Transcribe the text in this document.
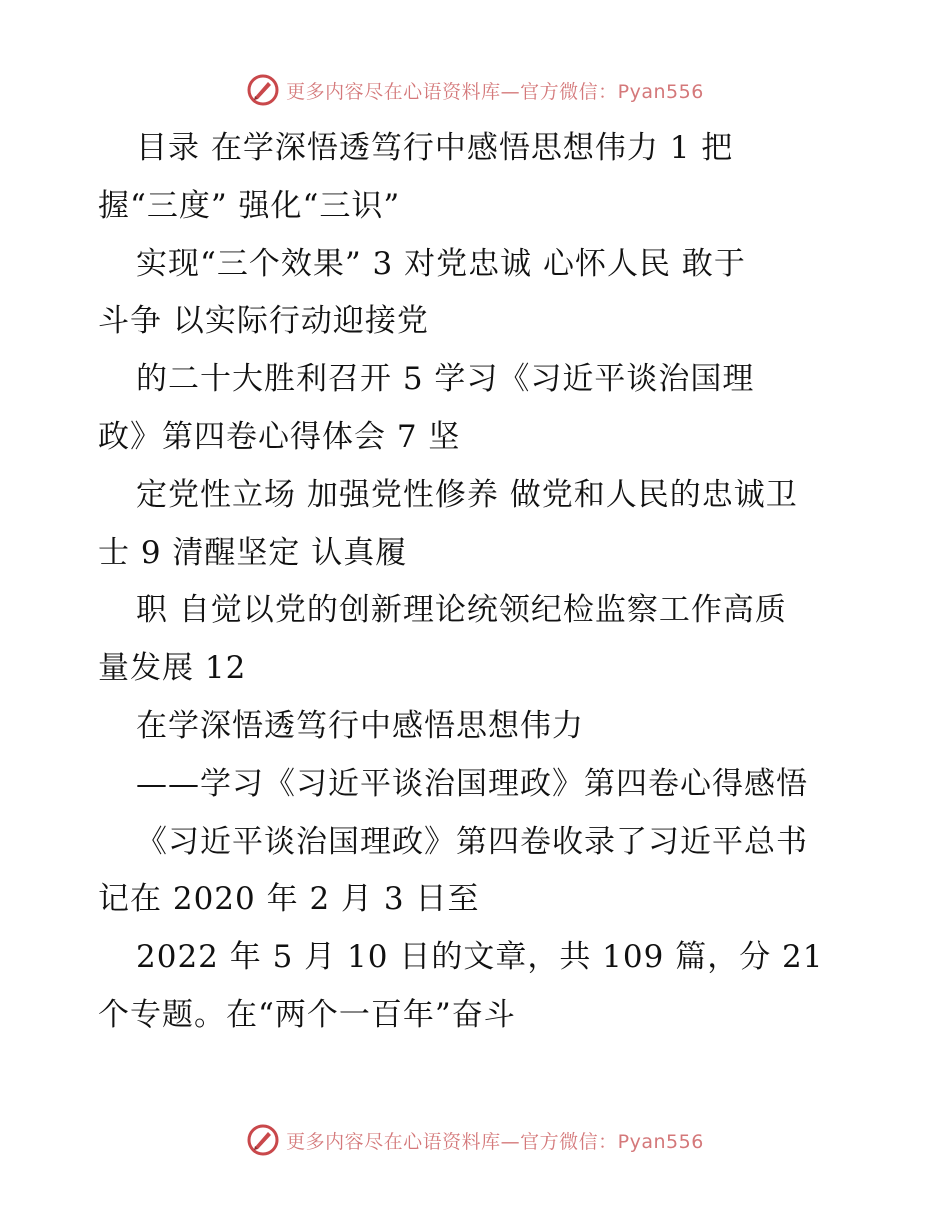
更多内容尽在心语资料库—官方微信：Pyan556
目录 在学深悟透笃行中感悟思想伟力 1 把
握“三度” 强化“三识”
实现“三个效果” 3 对党忠诚 心怀人民 敢于
斗争 以实际行动迎接党
的二十大胜利召开 5 学习《习近平谈治国理
政》第四卷心得体会 7 坚
定党性立场 加强党性修养 做党和人民的忠诚卫
士 9 清醒坚定 认真履
职 自觉以党的创新理论统领纪检监察工作高质
量发展 12
在学深悟透笃行中感悟思想伟力
——学习《习近平谈治国理政》第四卷心得感悟
《习近平谈治国理政》第四卷收录了习近平总书
记在 2020 年 2 月 3 日至
2022 年 5 月 10 日的文章，共 109 篇，分 21
个专题。在“两个一百年”奋斗
更多内容尽在心语资料库—官方微信：Pyan556
